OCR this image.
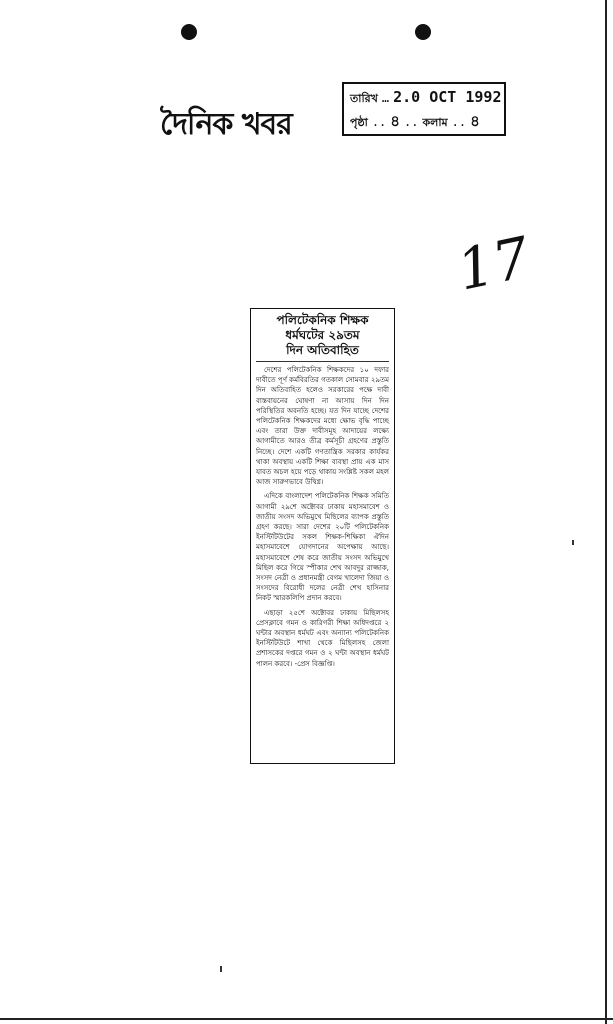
দৈনিক খবর
তারিখ … 2.0 OCT 1992
পৃষ্ঠা .. ৪ .. কলাম .. ৪
17
পলিটেকনিক শিক্ষক
ধর্মঘটের ২৯তম
দিন অতিবাহিত

দেশের পলিটেকনিক শিক্ষকদের ১০ দফার দাবীতে পূর্ণ কর্মবিরতির গতকাল সোমবার ২৯তম দিন অতিবাহিত হলেও সরকারের পক্ষে দাবী বাস্তবায়নের ঘোষণা না আসায় দিন দিন পরিস্থিতির অবনতি হচ্ছে। যত দিন যাচ্ছে দেশের পলিটেকনিক শিক্ষকদের মধ্যে ক্ষোভ বৃদ্ধি পাচ্ছে এবং তারা উক্ত দাবীসমূহ আদায়ের লক্ষ্যে আগামীতে আরও তীব্র কর্মসূচী গ্রহণের প্রস্তুতি নিচ্ছে। দেশে একটি গণতান্ত্রিক সরকার কার্যকর থাকা অবস্থায় একটি শিক্ষা ব্যবস্থা প্রায় এক মাস যাবত অচল হয়ে পড়ে থাকায় সংশ্লিষ্ট সকল মহল আজ সারুণভাবে উদ্বিগ্ন।

এদিকে বাংলাদেশ পলিটেকনিক শিক্ষক সমিতি আগামী ২৯শে অক্টোবর ঢাকায় মহাসমাবেশ ও জাতীয় সংসদ অভিমুখে মিছিলের ব্যাপক প্রস্তুতি গ্রহণ করছে। সারা দেশের ২০টি পলিটেকনিক ইনস্টিটিউটের সকল শিক্ষক-শিক্ষিকা ঐদিন মহাসমাবেশে যোগদানের অপেক্ষায় আছে। মহাসমাবেশে শেষ করে জাতীয় সংসদ অভিমুখে মিছিল করে গিয়ে স্পীকার শেখ আবদুর রাজ্জাক, সংসদ নেত্রী ও প্রধানমন্ত্রী বেগম খালেদা জিয়া ও সংসদের বিরোধী দলের নেত্রী শেখ হাসিনার নিকট স্মারকলিপি প্রদান করবে।

এছাড়া ২৫শে অক্টোবর ঢাকায় মিছিলসহ প্রেসক্লাবে গমন ও কারিগরী শিক্ষা অধিদপ্তরে ২ ঘন্টার অবস্থান ধর্মঘট এবং অন্যান্য পলিটেকনিক ইনস্টিটিউটে শাখা থেকে মিছিলসহ জেলা প্রশাসকের দপ্তরে গমন ও ২ ঘন্টা অবস্থান ধর্মঘট পালন করবে। -প্রেস বিজ্ঞপ্তি।
